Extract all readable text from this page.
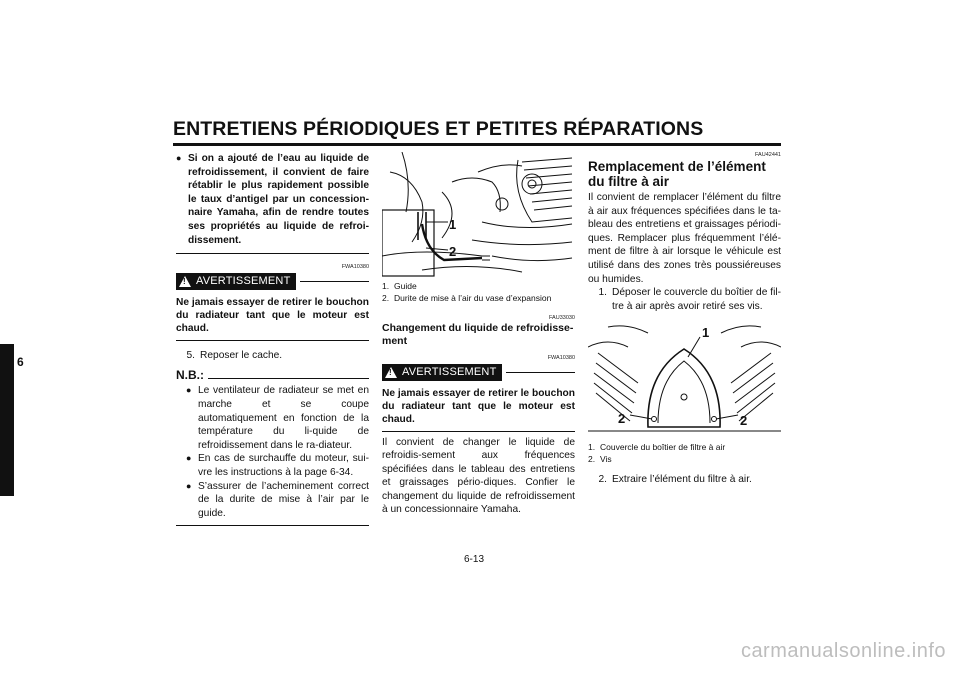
ENTRETIENS PÉRIODIQUES ET PETITES RÉPARATIONS
6
● Si on a ajouté de l’eau au liquide de refroidissement, il convient de faire rétablir le plus rapidement possible le taux d’antigel par un concession-naire Yamaha, afin de rendre toutes ses propriétés au liquide de refroi-dissement.
FWA10380
! AVERTISSEMENT
Ne jamais essayer de retirer le bouchon du radiateur tant que le moteur est chaud.
5. Reposer le cache.
N.B.:
● Le ventilateur de radiateur se met en marche et se coupe automatiquement en fonction de la température du li-quide de refroidissement dans le ra-diateur.
● En cas de surchauffe du moteur, sui-vre les instructions à la page 6-34.
● S’assurer de l’acheminement correct de la durite de mise à l’air par le guide.
1
2
1. Guide
2. Durite de mise à l’air du vase d’expansion
FAU33030
Changement du liquide de refroidisse-ment
FWA10380
! AVERTISSEMENT
Ne jamais essayer de retirer le bouchon du radiateur tant que le moteur est chaud.
Il convient de changer le liquide de refroidis-sement aux fréquences spécifiées dans le tableau des entretiens et graissages pério-diques. Confier le changement du liquide de refroidissement à un concessionnaire Yamaha.
FAU42441
Remplacement de l’élément du filtre à air
Il convient de remplacer l’élément du filtre à air aux fréquences spécifiées dans le ta-bleau des entretiens et graissages périodi-ques. Remplacer plus fréquemment l’élé-ment de filtre à air lorsque le véhicule est utilisé dans des zones très poussiéreuses ou humides.
1. Déposer le couvercle du boîtier de fil-tre à air après avoir retiré ses vis.
1
2	2
1. Couvercle du boîtier de filtre à air
2. Vis
2. Extraire l’élément du filtre à air.
6-13
carmanualsonline.info
